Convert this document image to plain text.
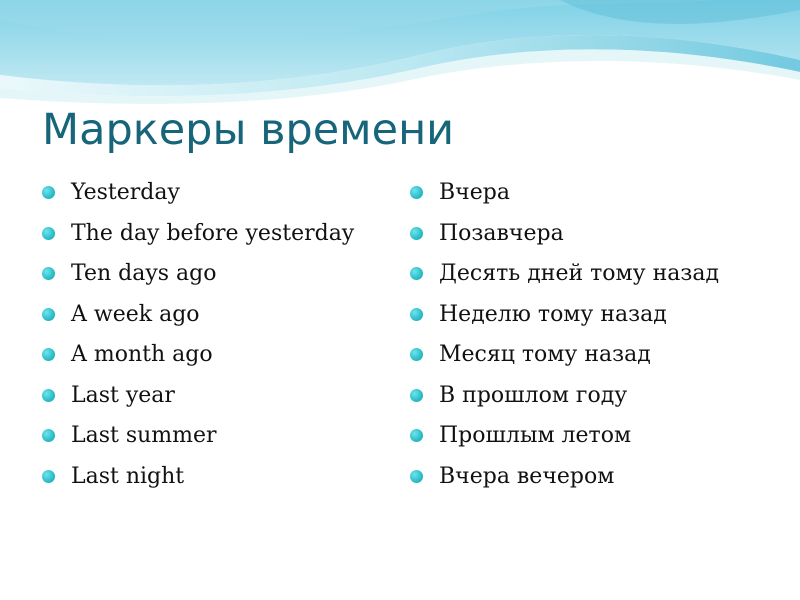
Маркеры времени
Yesterday
The day before yesterday
Ten days ago
A week ago
A month ago
Last year
Last summer
Last night
Вчера
Позавчера
Десять дней тому назад
Неделю тому назад
Месяц тому назад
В прошлом году
Прошлым летом
Вчера вечером
